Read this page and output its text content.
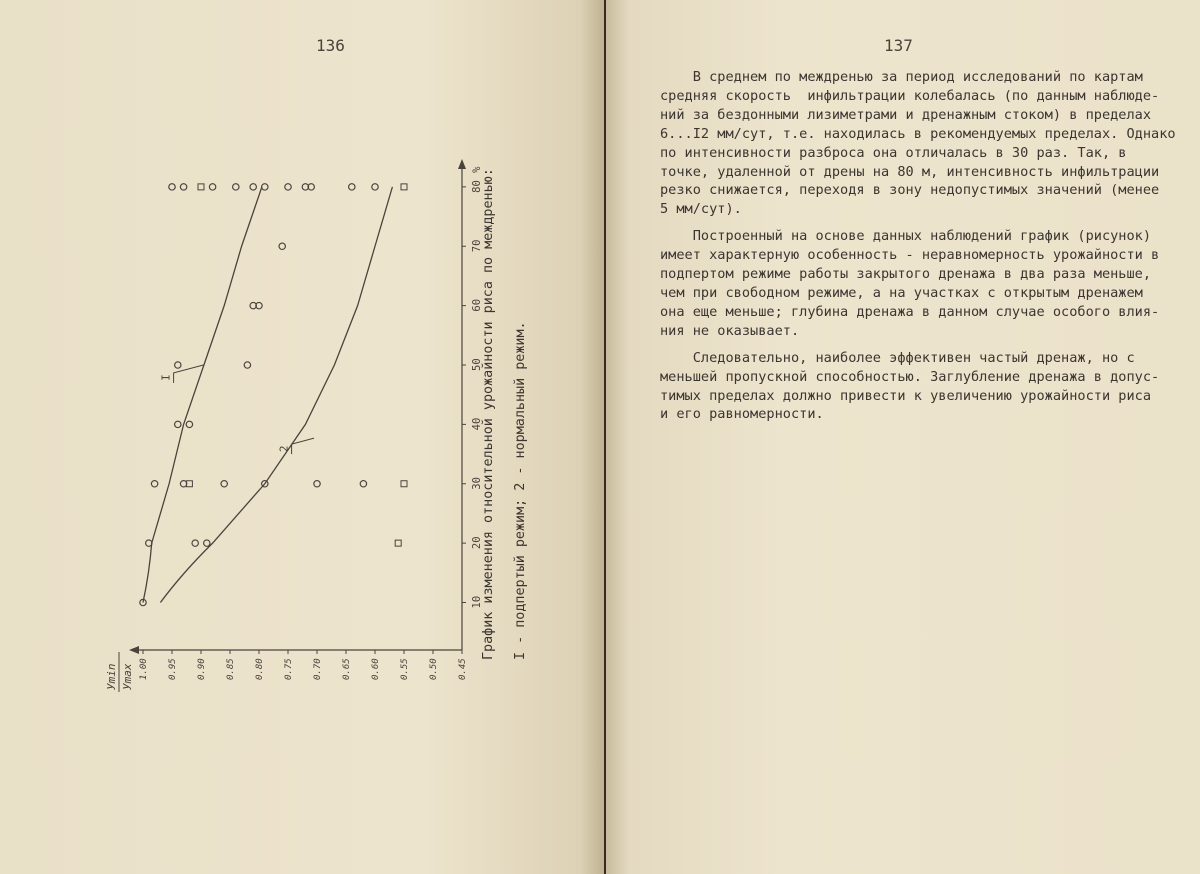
136
I
2
10
20
30
40
50
60
70
80
%
1.00 0.95 0.90 0.85 0.80 0.75 0.70 0.65 0.60 0.55 0.50 0.45
Уmin Уmax
График изменения относительной урожайности риса по междренью: I - подпертый режим; 2 - нормальный режим.
137
В среднем по междренью за период исследований по картам
средняя скорость  инфильтрации колебалась (по данным наблюде-
ний за бездонными лизиметрами и дренажным стоком) в пределах
6...I2 мм/сут, т.е. находилась в рекомендуемых пределах. Однако
по интенсивности разброса она отличалась в 30 раз. Так, в
точке, удаленной от дрены на 80 м, интенсивность инфильтрации
резко снижается, переходя в зону недопустимых значений (менее
5 мм/сут).
Построенный на основе данных наблюдений график (рисунок)
имеет характерную особенность - неравномерность урожайности в
подпертом режиме работы закрытого дренажа в два раза меньше,
чем при свободном режиме, а на участках с открытым дренажем
она еще меньше; глубина дренажа в данном случае особого влия-
ния не оказывает.
Следовательно, наиболее эффективен частый дренаж, но с
меньшей пропускной способностью. Заглубление дренажа в допус-
тимых пределах должно привести к увеличению урожайности риса
и его равномерности.
